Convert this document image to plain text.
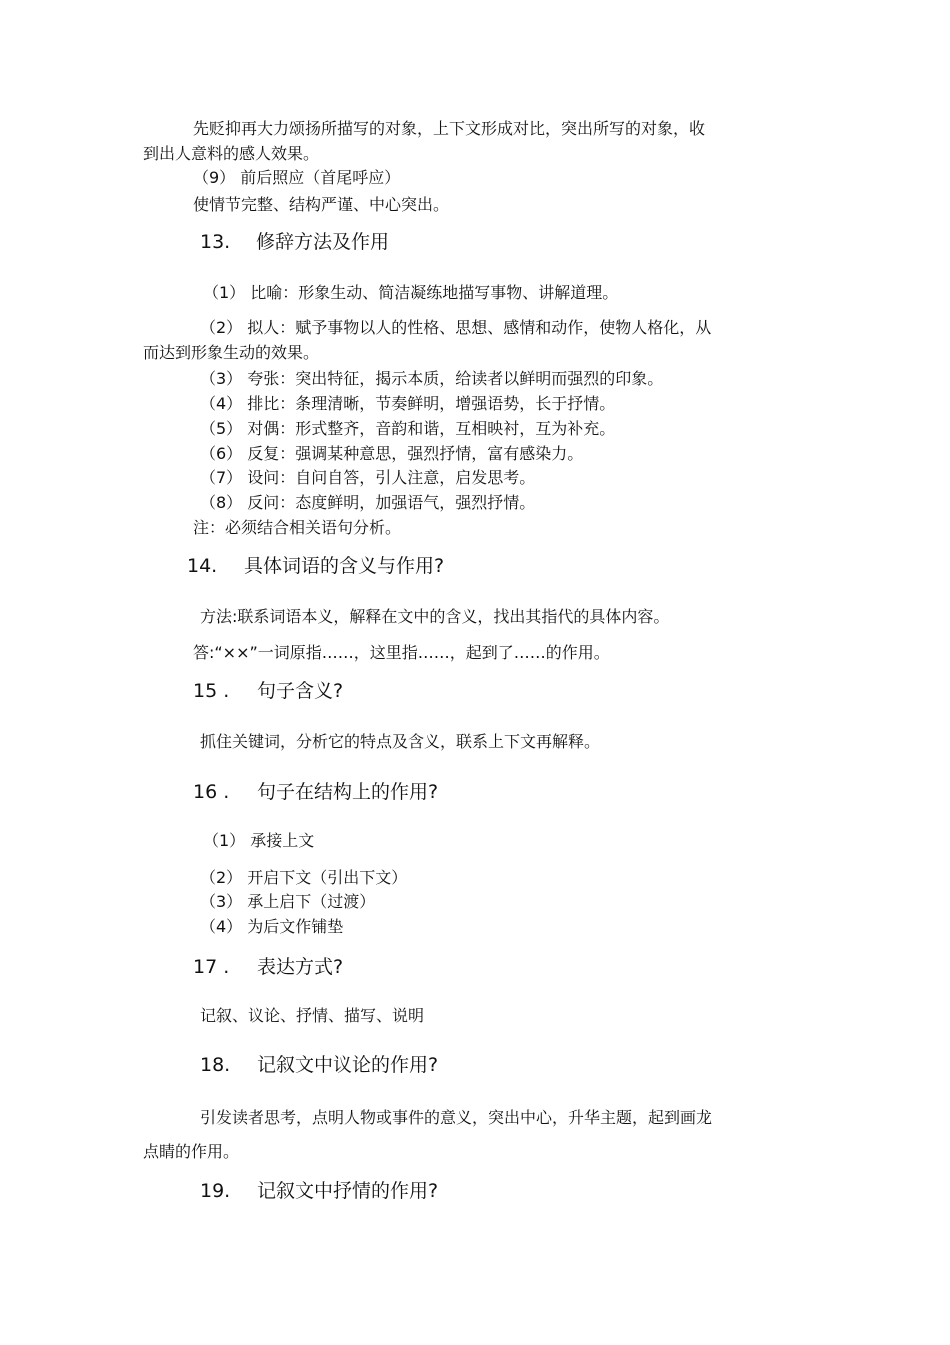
先贬抑再大力颂扬所描写的对象，上下文形成对比，突出所写的对象，收
到出人意料的感人效果。
（9） 前后照应（首尾呼应）
使情节完整、结构严谨、中心突出。
13. 修辞方法及作用
（1） 比喻：形象生动、简洁凝练地描写事物、讲解道理。
（2） 拟人：赋予事物以人的性格、思想、感情和动作，使物人格化，从
而达到形象生动的效果。
（3） 夸张：突出特征，揭示本质，给读者以鲜明而强烈的印象。
（4） 排比：条理清晰，节奏鲜明，增强语势，长于抒情。
（5） 对偶：形式整齐，音韵和谐，互相映衬，互为补充。
（6） 反复：强调某种意思，强烈抒情，富有感染力。
（7） 设问：自问自答，引人注意，启发思考。
（8） 反问：态度鲜明，加强语气，强烈抒情。
注：必须结合相关语句分析。
14. 具体词语的含义与作用?
方法:联系词语本义，解释在文中的含义，找出其指代的具体内容。
答:“××”一词原指……，这里指……，起到了……的作用。
15 . 句子含义?
抓住关键词，分析它的特点及含义，联系上下文再解释。
16 . 句子在结构上的作用?
（1） 承接上文
（2） 开启下文（引出下文）
（3） 承上启下（过渡）
（4） 为后文作铺垫
17 . 表达方式?
记叙、议论、抒情、描写、说明
18. 记叙文中议论的作用?
引发读者思考，点明人物或事件的意义，突出中心，升华主题，起到画龙
点睛的作用。
19. 记叙文中抒情的作用?
